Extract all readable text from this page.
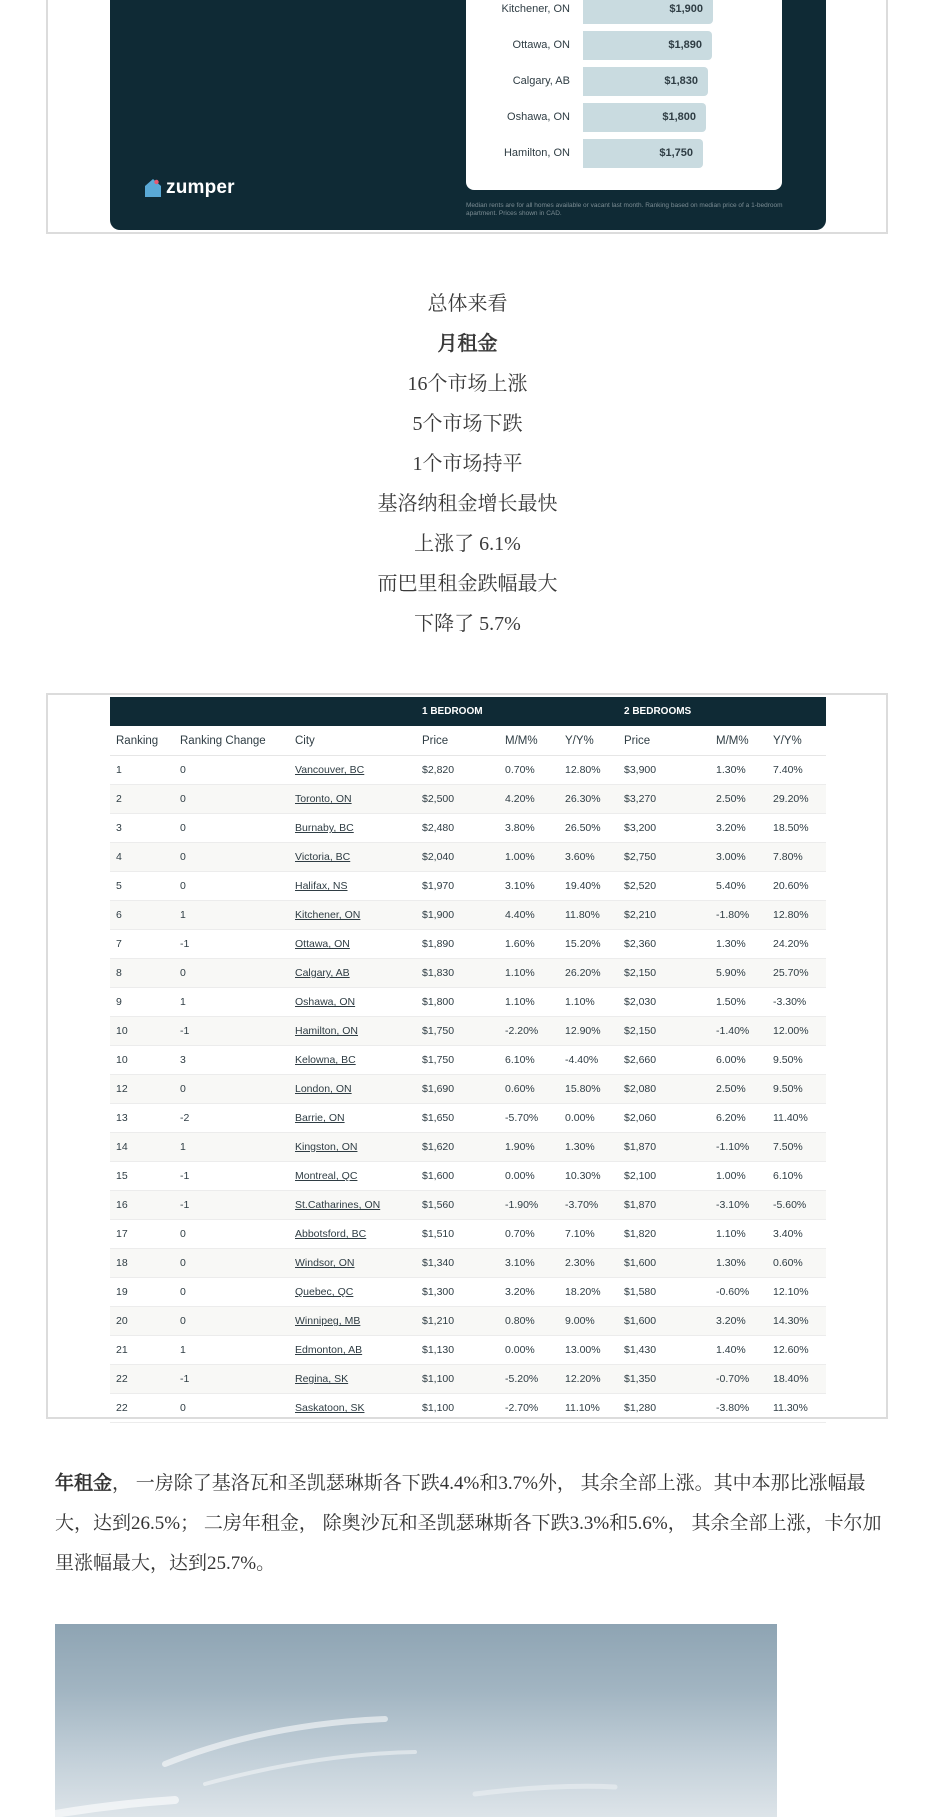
Kitchener, ON	$1,900
Ottawa, ON	$1,890
Calgary, AB	$1,830
Oshawa, ON	$1,800
Hamilton, ON	$1,750
zumper
Median rents are for all homes available or vacant last month. Ranking based on median price of a 1-bedroom apartment. Prices shown in CAD.

总体来看

月租金

16个市场上涨

5个市场下跌

1个市场持平

基洛纳租金增长最快

上涨了 6.1%

而巴里租金跌幅最大

下降了 5.7%

			1 BEDROOM			2 BEDROOMS		
Ranking	Ranking Change	City	Price	M/M%	Y/Y%	Price	M/M%	Y/Y%
1	0	Vancouver, BC	$2,820	0.70%	12.80%	$3,900	1.30%	7.40%
2	0	Toronto, ON	$2,500	4.20%	26.30%	$3,270	2.50%	29.20%
3	0	Burnaby, BC	$2,480	3.80%	26.50%	$3,200	3.20%	18.50%
4	0	Victoria, BC	$2,040	1.00%	3.60%	$2,750	3.00%	7.80%
5	0	Halifax, NS	$1,970	3.10%	19.40%	$2,520	5.40%	20.60%
6	1	Kitchener, ON	$1,900	4.40%	11.80%	$2,210	-1.80%	12.80%
7	-1	Ottawa, ON	$1,890	1.60%	15.20%	$2,360	1.30%	24.20%
8	0	Calgary, AB	$1,830	1.10%	26.20%	$2,150	5.90%	25.70%
9	1	Oshawa, ON	$1,800	1.10%	1.10%	$2,030	1.50%	-3.30%
10	-1	Hamilton, ON	$1,750	-2.20%	12.90%	$2,150	-1.40%	12.00%
10	3	Kelowna, BC	$1,750	6.10%	-4.40%	$2,660	6.00%	9.50%
12	0	London, ON	$1,690	0.60%	15.80%	$2,080	2.50%	9.50%
13	-2	Barrie, ON	$1,650	-5.70%	0.00%	$2,060	6.20%	11.40%
14	1	Kingston, ON	$1,620	1.90%	1.30%	$1,870	-1.10%	7.50%
15	-1	Montreal, QC	$1,600	0.00%	10.30%	$2,100	1.00%	6.10%
16	-1	St.Catharines, ON	$1,560	-1.90%	-3.70%	$1,870	-3.10%	-5.60%
17	0	Abbotsford, BC	$1,510	0.70%	7.10%	$1,820	1.10%	3.40%
18	0	Windsor, ON	$1,340	3.10%	2.30%	$1,600	1.30%	0.60%
19	0	Quebec, QC	$1,300	3.20%	18.20%	$1,580	-0.60%	12.10%
20	0	Winnipeg, MB	$1,210	0.80%	9.00%	$1,600	3.20%	14.30%
21	1	Edmonton, AB	$1,130	0.00%	13.00%	$1,430	1.40%	12.60%
22	-1	Regina, SK	$1,100	-5.20%	12.20%	$1,350	-0.70%	18.40%
22	0	Saskatoon, SK	$1,100	-2.70%	11.10%	$1,280	-3.80%	11.30%
年租金， 一房除了基洛瓦和圣凯瑟琳斯各下跌4.4%和3.7%外， 其余全部上涨。其中本那比涨幅最大，达到26.5%； 二房年租金， 除奥沙瓦和圣凯瑟琳斯各下跌3.3%和5.6%， 其余全部上涨，卡尔加里涨幅最大，达到25.7%。
